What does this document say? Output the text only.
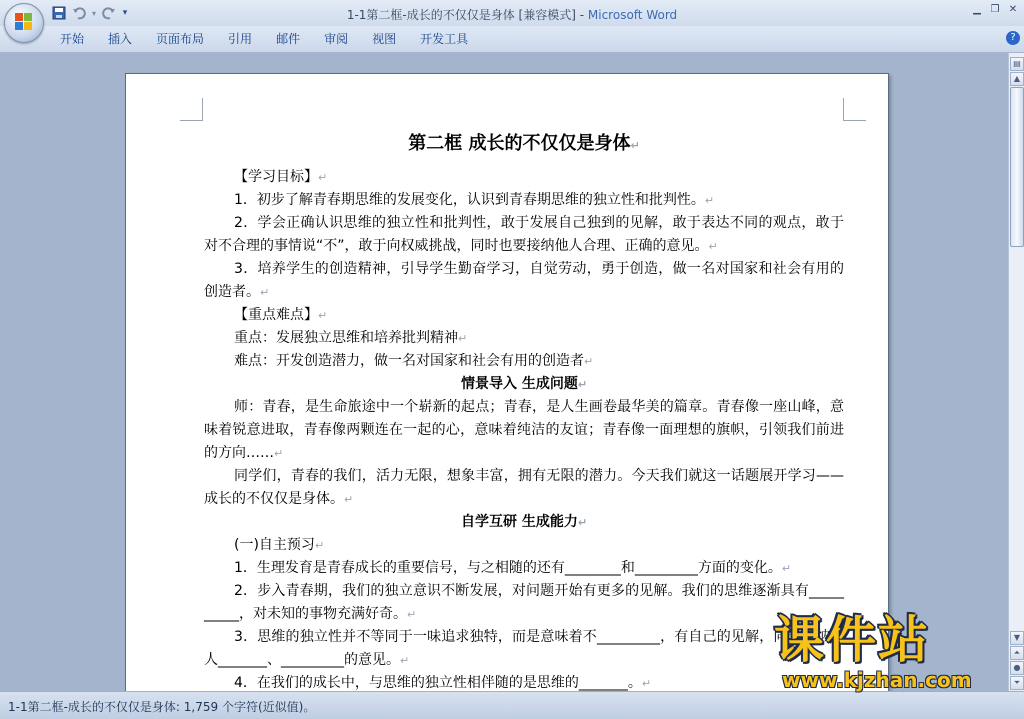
▾	▾	1-1第二框-成长的不仅仅是身体 [兼容模式] - Microsoft Word	▁ ❐ ✕
开始	插入	页面布局	引用	邮件	审阅	视图	开发工具	?

第二框 成长的不仅仅是身体↵

【学习目标】↵

1．初步了解青春期思维的发展变化，认识到青春期思维的独立性和批判性。↵

2．学会正确认识思维的独立性和批判性，敢于发展自己独到的见解，敢于表达不同的观点，敢于对不合理的事情说“不”，敢于向权威挑战，同时也要接纳他人合理、正确的意见。↵

3．培养学生的创造精神，引导学生勤奋学习，自觉劳动，勇于创造，做一名对国家和社会有用的创造者。↵

【重点难点】↵

重点：发展独立思维和培养批判精神↵

难点：开发创造潜力，做一名对国家和社会有用的创造者↵

情景导入 生成问题↵

师：青春，是生命旅途中一个崭新的起点；青春，是人生画卷最华美的篇章。青春像一座山峰，意味着锐意进取，青春像两颗连在一起的心，意味着纯洁的友谊；青春像一面理想的旗帜，引领我们前进的方向……↵

同学们，青春的我们，活力无限，想象丰富，拥有无限的潜力。今天我们就这一话题展开学习——成长的不仅仅是身体。↵

自学互研 生成能力↵

(一)自主预习↵

1．生理发育是青春成长的重要信号，与之相随的还有________和_________方面的变化。↵

2．步入青春期，我们的独立意识不断发展，对问题开始有更多的见解。我们的思维逐渐具有__________，对未知的事物充满好奇。↵

3．思维的独立性并不等同于一味追求独特，而是意味着不_________，有自己的见解，同时接纳他人_______、_________的意见。↵

4．在我们的成长中，与思维的独立性相伴随的是思维的_______。↵

▤
▲
▼
⏶
●
⏷
1-1第二框-成长的不仅仅是身体: 1,759 个字符(近似值)。
课件站
www.kjzhan.com
